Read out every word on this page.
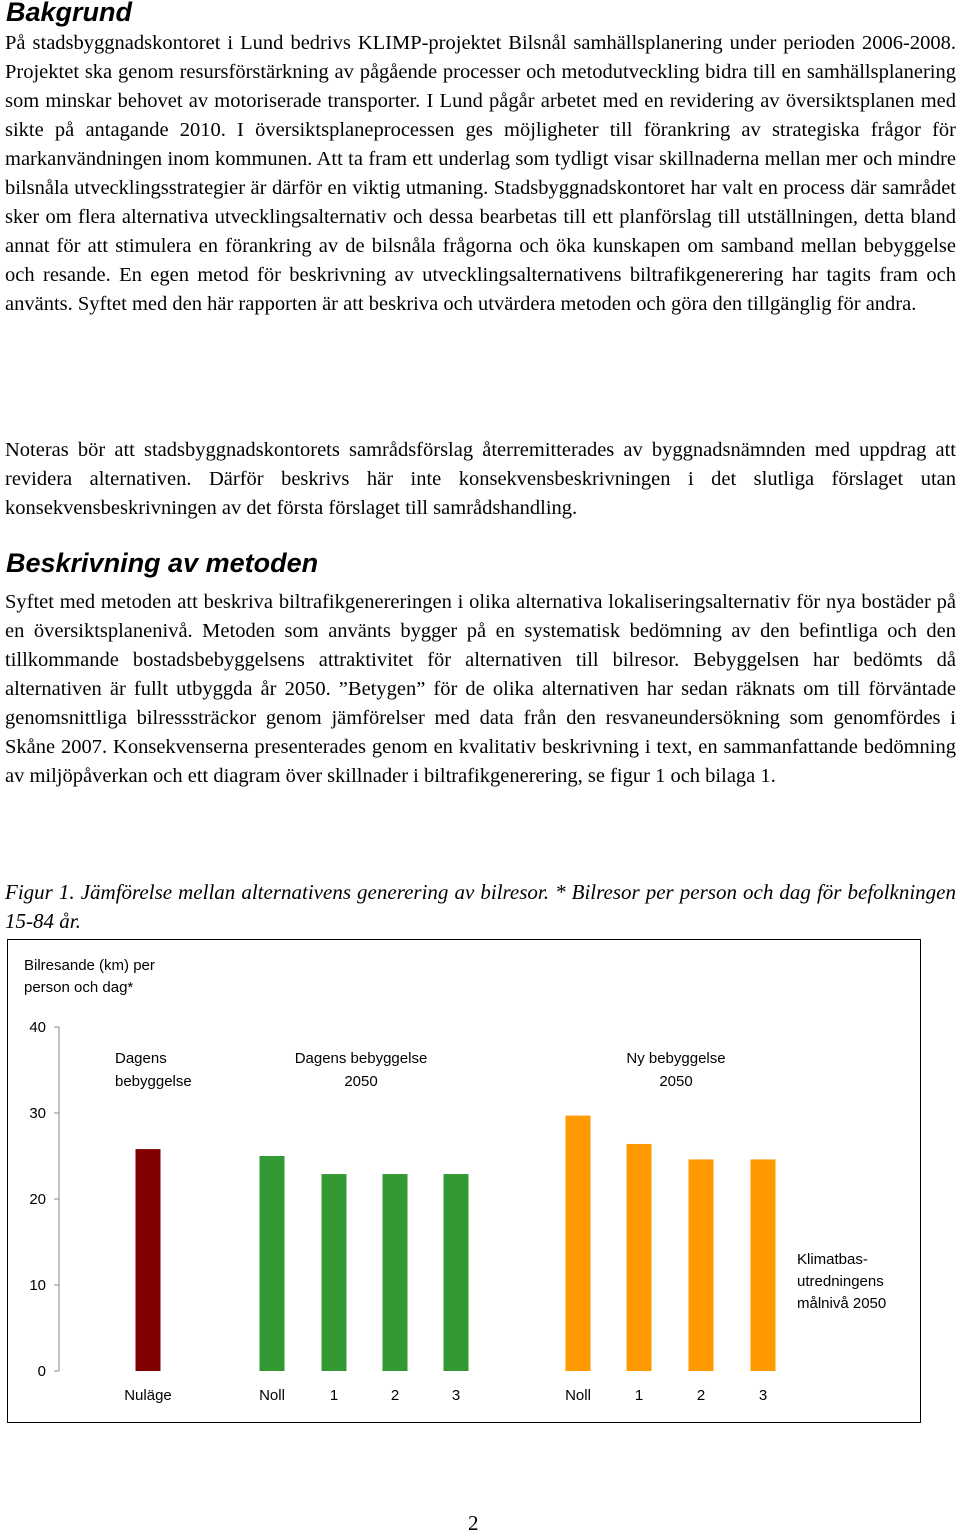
Bakgrund

På stadsbyggnadskontoret i Lund bedrivs KLIMP-projektet Bilsnål samhällsplanering under perioden 2006-2008. Projektet ska genom resursförstärkning av pågående processer och metodutveckling bidra till en samhällsplanering som minskar behovet av motoriserade transporter. I Lund pågår arbetet med en revidering av översiktsplanen med sikte på antagande 2010. I översiktsplaneprocessen ges möjligheter till förankring av strategiska frågor för markanvändningen inom kommunen. Att ta fram ett underlag som tydligt visar skillnaderna mellan mer och mindre bilsnåla utvecklingsstrategier är därför en viktig utmaning. Stadsbyggnadskontoret har valt en process där samrådet sker om flera alternativa utvecklingsalternativ och dessa bearbetas till ett planförslag till utställningen, detta bland annat för att stimulera en förankring av de bilsnåla frågorna och öka kunskapen om samband mellan bebyggelse och resande. En egen metod för beskrivning av utvecklingsalternativens biltrafikgenerering har tagits fram och använts. Syftet med den här rapporten är att beskriva och utvärdera metoden och göra den tillgänglig för andra.

Noteras bör att stadsbyggnadskontorets samrådsförslag återremitterades av byggnadsnämnden med uppdrag att revidera alternativen. Därför beskrivs här inte konsekvensbeskrivningen i det slutliga förslaget utan konsekvensbeskrivningen av det första förslaget till samrådshandling.

Beskrivning av metoden

Syftet med metoden att beskriva biltrafikgenereringen i olika alternativa lokaliseringsalternativ för nya bostäder på en översiktsplanenivå. Metoden som använts bygger på en systematisk bedömning av den befintliga och den tillkommande bostadsbebyggelsens attraktivitet för alternativen till bilresor. Bebyggelsen har bedömts då alternativen är fullt utbyggda år 2050. ”Betygen” för de olika alternativen har sedan räknats om till förväntade genomsnittliga bilresssträckor genom jämförelser med data från den resvaneundersökning som genomfördes i Skåne 2007. Konsekvenserna presenterades genom en kvalitativ beskrivning i text, en sammanfattande bedömning av miljöpåverkan och ett diagram över skillnader i biltrafikgenerering, se figur 1 och bilaga 1.

Figur 1. Jämförelse mellan alternativens generering av bilresor. * Bilresor per person och dag för befolkningen 15-84 år.

0
10
20
30
40
Bilresande (km) per
person och dag*
Nuläge	Noll	1	2	3	Noll	1	2	3
Dagens
bebyggelse
Dagens bebyggelse
2050
Ny bebyggelse
2050
Klimatbas-
utredningens
målnivå 2050
2
